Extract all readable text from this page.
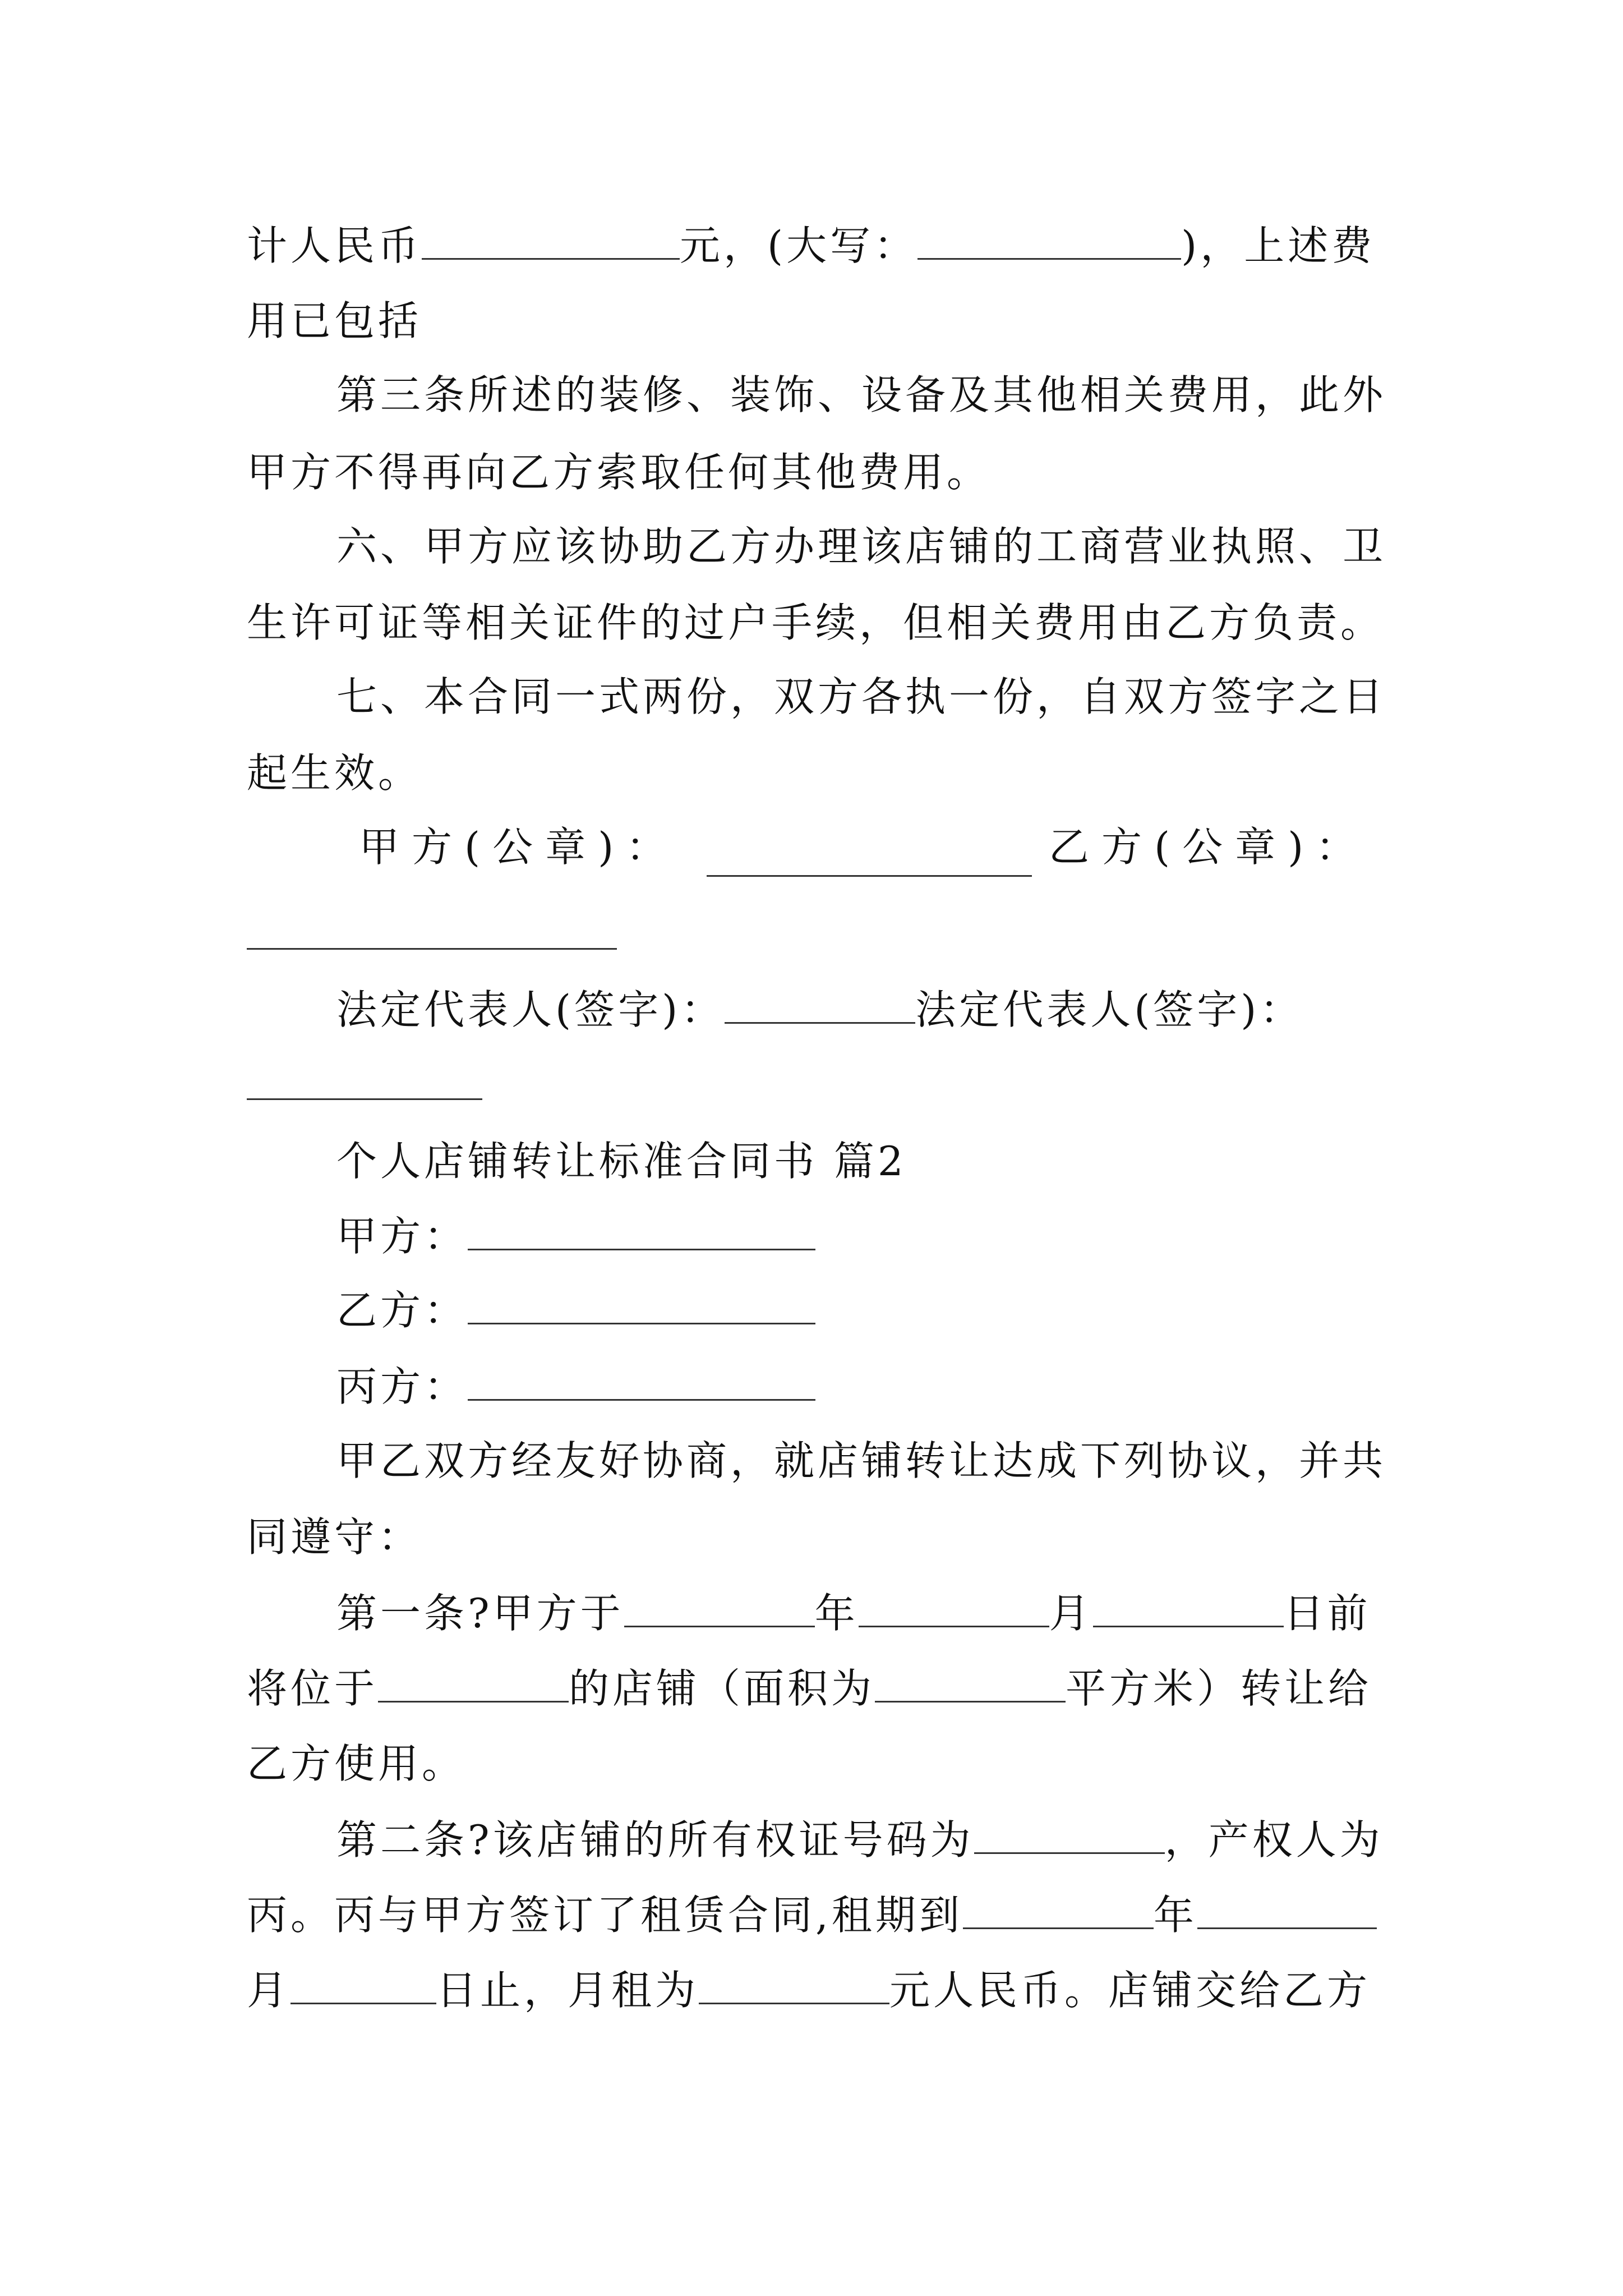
计人民币	元，(大写：	)，上述费
用已包括
第三条所述的装修、装饰、设备及其他相关费用，此外
甲方不得再向乙方索取任何其他费用。
六、甲方应该协助乙方办理该店铺的工商营业执照、卫
生许可证等相关证件的过户手续，但相关费用由乙方负责。
七、本合同一式两份，双方各执一份，自双方签字之日
起生效。
甲方(公章)：	乙方(公章)：
法定代表人(签字)：	法定代表人(签字)：
个人店铺转让标准合同书 篇2
甲方：
乙方：
丙方：
甲乙双方经友好协商，就店铺转让达成下列协议，并共
同遵守：
第一条?甲方于	年	月	日前
将位于	的店铺（面积为	平方米）转让给
乙方使用。
第二条?该店铺的所有权证号码为	，产权人为
丙。丙与甲方签订了租赁合同,租期到	年
月	日止，月租为	元人民币。店铺交给乙方
